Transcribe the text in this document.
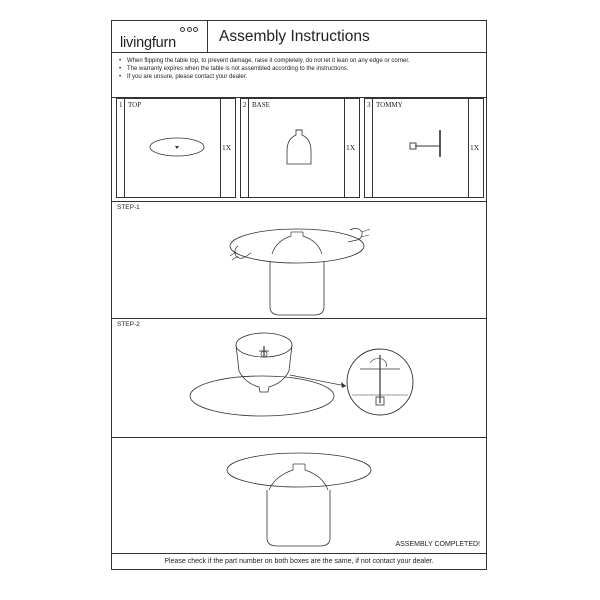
livingfurn
•	•	• Assembly Instructions
• When flipping the table top, to prevent damage, raise it completely, do not let it lean on any edge or corner.
• The warranty expires when the table is not assembled according to the instructions.
• If you are unsure, please contact your dealer.
1 TOP
1X
2 BASE
1X
3 TOMMY
1X
STEP-1
STEP-2
ASSEMBLY COMPLETED!
Please check if the part number on both boxes are the same, if not contact your dealer.
